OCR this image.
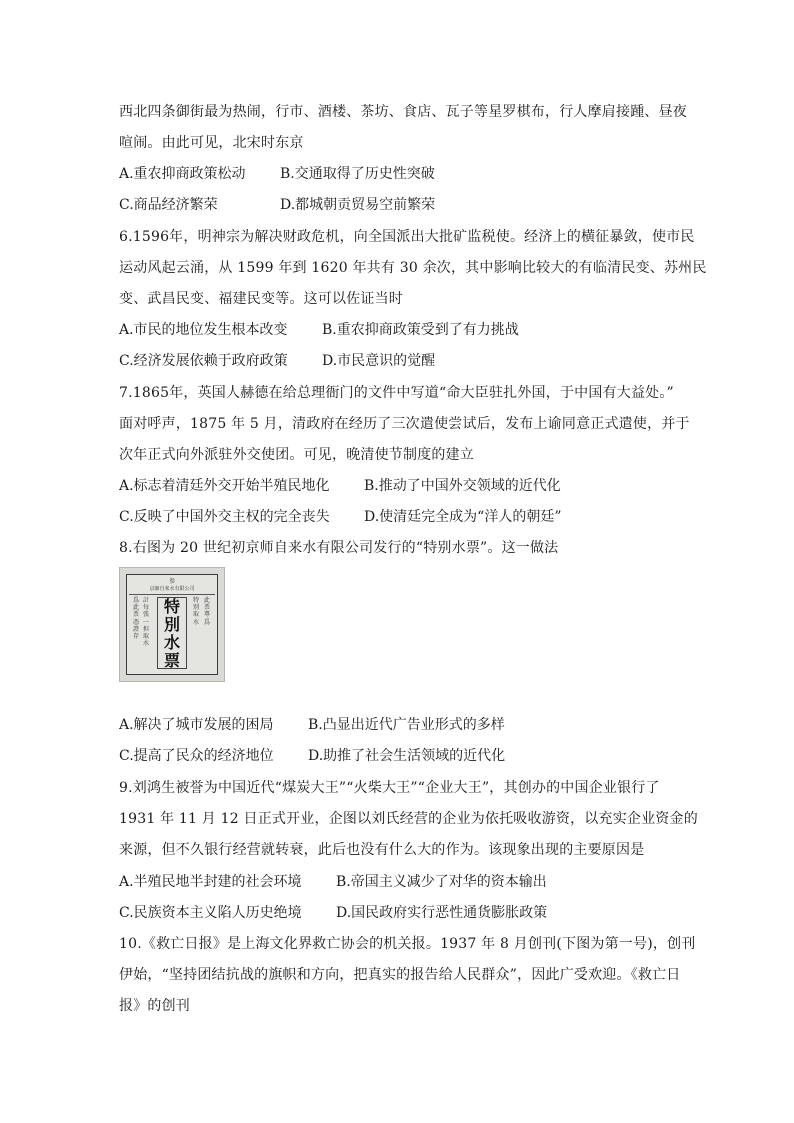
西北四条御街最为热闹，行市、酒楼、茶坊、食店、瓦子等星罗棋布，行人摩肩接踵、昼夜
喧闹。由此可见，北宋时东京
A.重农抑商政策松动 B.交通取得了历史性突破
C.商品经济繁荣	D.都城朝贡贸易空前繁荣
6.1596年，明神宗为解决财政危机，向全国派出大批矿监税使。经济上的横征暴敛，使市民
运动风起云涌，从 1599 年到 1620 年共有 30 余次，其中影响比较大的有临清民变、苏州民
变、武昌民变、福建民变等。这可以佐证当时
A.市民的地位发生根本改变 B.重农抑商政策受到了有力挑战
C.经济发展依赖于政府政策 D.市民意识的觉醒
7.1865年，英国人赫德在给总理衙门的文件中写道“命大臣驻扎外国，于中国有大益处。”
面对呼声，1875 年 5 月，清政府在经历了三次遣使尝试后，发布上谕同意正式遣使，并于
次年正式向外派驻外交使团。可见，晚清使节制度的建立
A.标志着清廷外交开始半殖民地化 B.推动了中国外交领域的近代化
C.反映了中国外交主权的完全丧失 D.使清廷完全成为“洋人的朝廷”
8.右图为 20 世纪初京师自来水有限公司发行的“特别水票”。这一做法
参
京師自來水有限公司
爲此票憑證存
計每張一担取水
特別水票
特別取水
此票專爲
A.解决了城市发展的困局 B.凸显出近代广告业形式的多样
C.提高了民众的经济地位 D.助推了社会生活领域的近代化
9.刘鸿生被誉为中国近代“煤炭大王”“火柴大王”“企业大王”，其创办的中国企业银行了
1931 年 11 月 12 日正式开业，企图以刘氏经营的企业为依托吸收游资，以充实企业资金的
来源，但不久银行经营就转衰，此后也没有什么大的作为。该现象出现的主要原因是
A.半殖民地半封建的社会环境 B.帝国主义减少了对华的资本输出
C.民族资本主义陷人历史绝境 D.国民政府实行恶性通货膨胀政策
10.《救亡日报》是上海文化界救亡协会的机关报。1937 年 8 月创刊(下图为第一号)，创刊
伊始，“坚持团结抗战的旗帜和方向，把真实的报告给人民群众”，因此广受欢迎。《救亡日
报》的创刊
